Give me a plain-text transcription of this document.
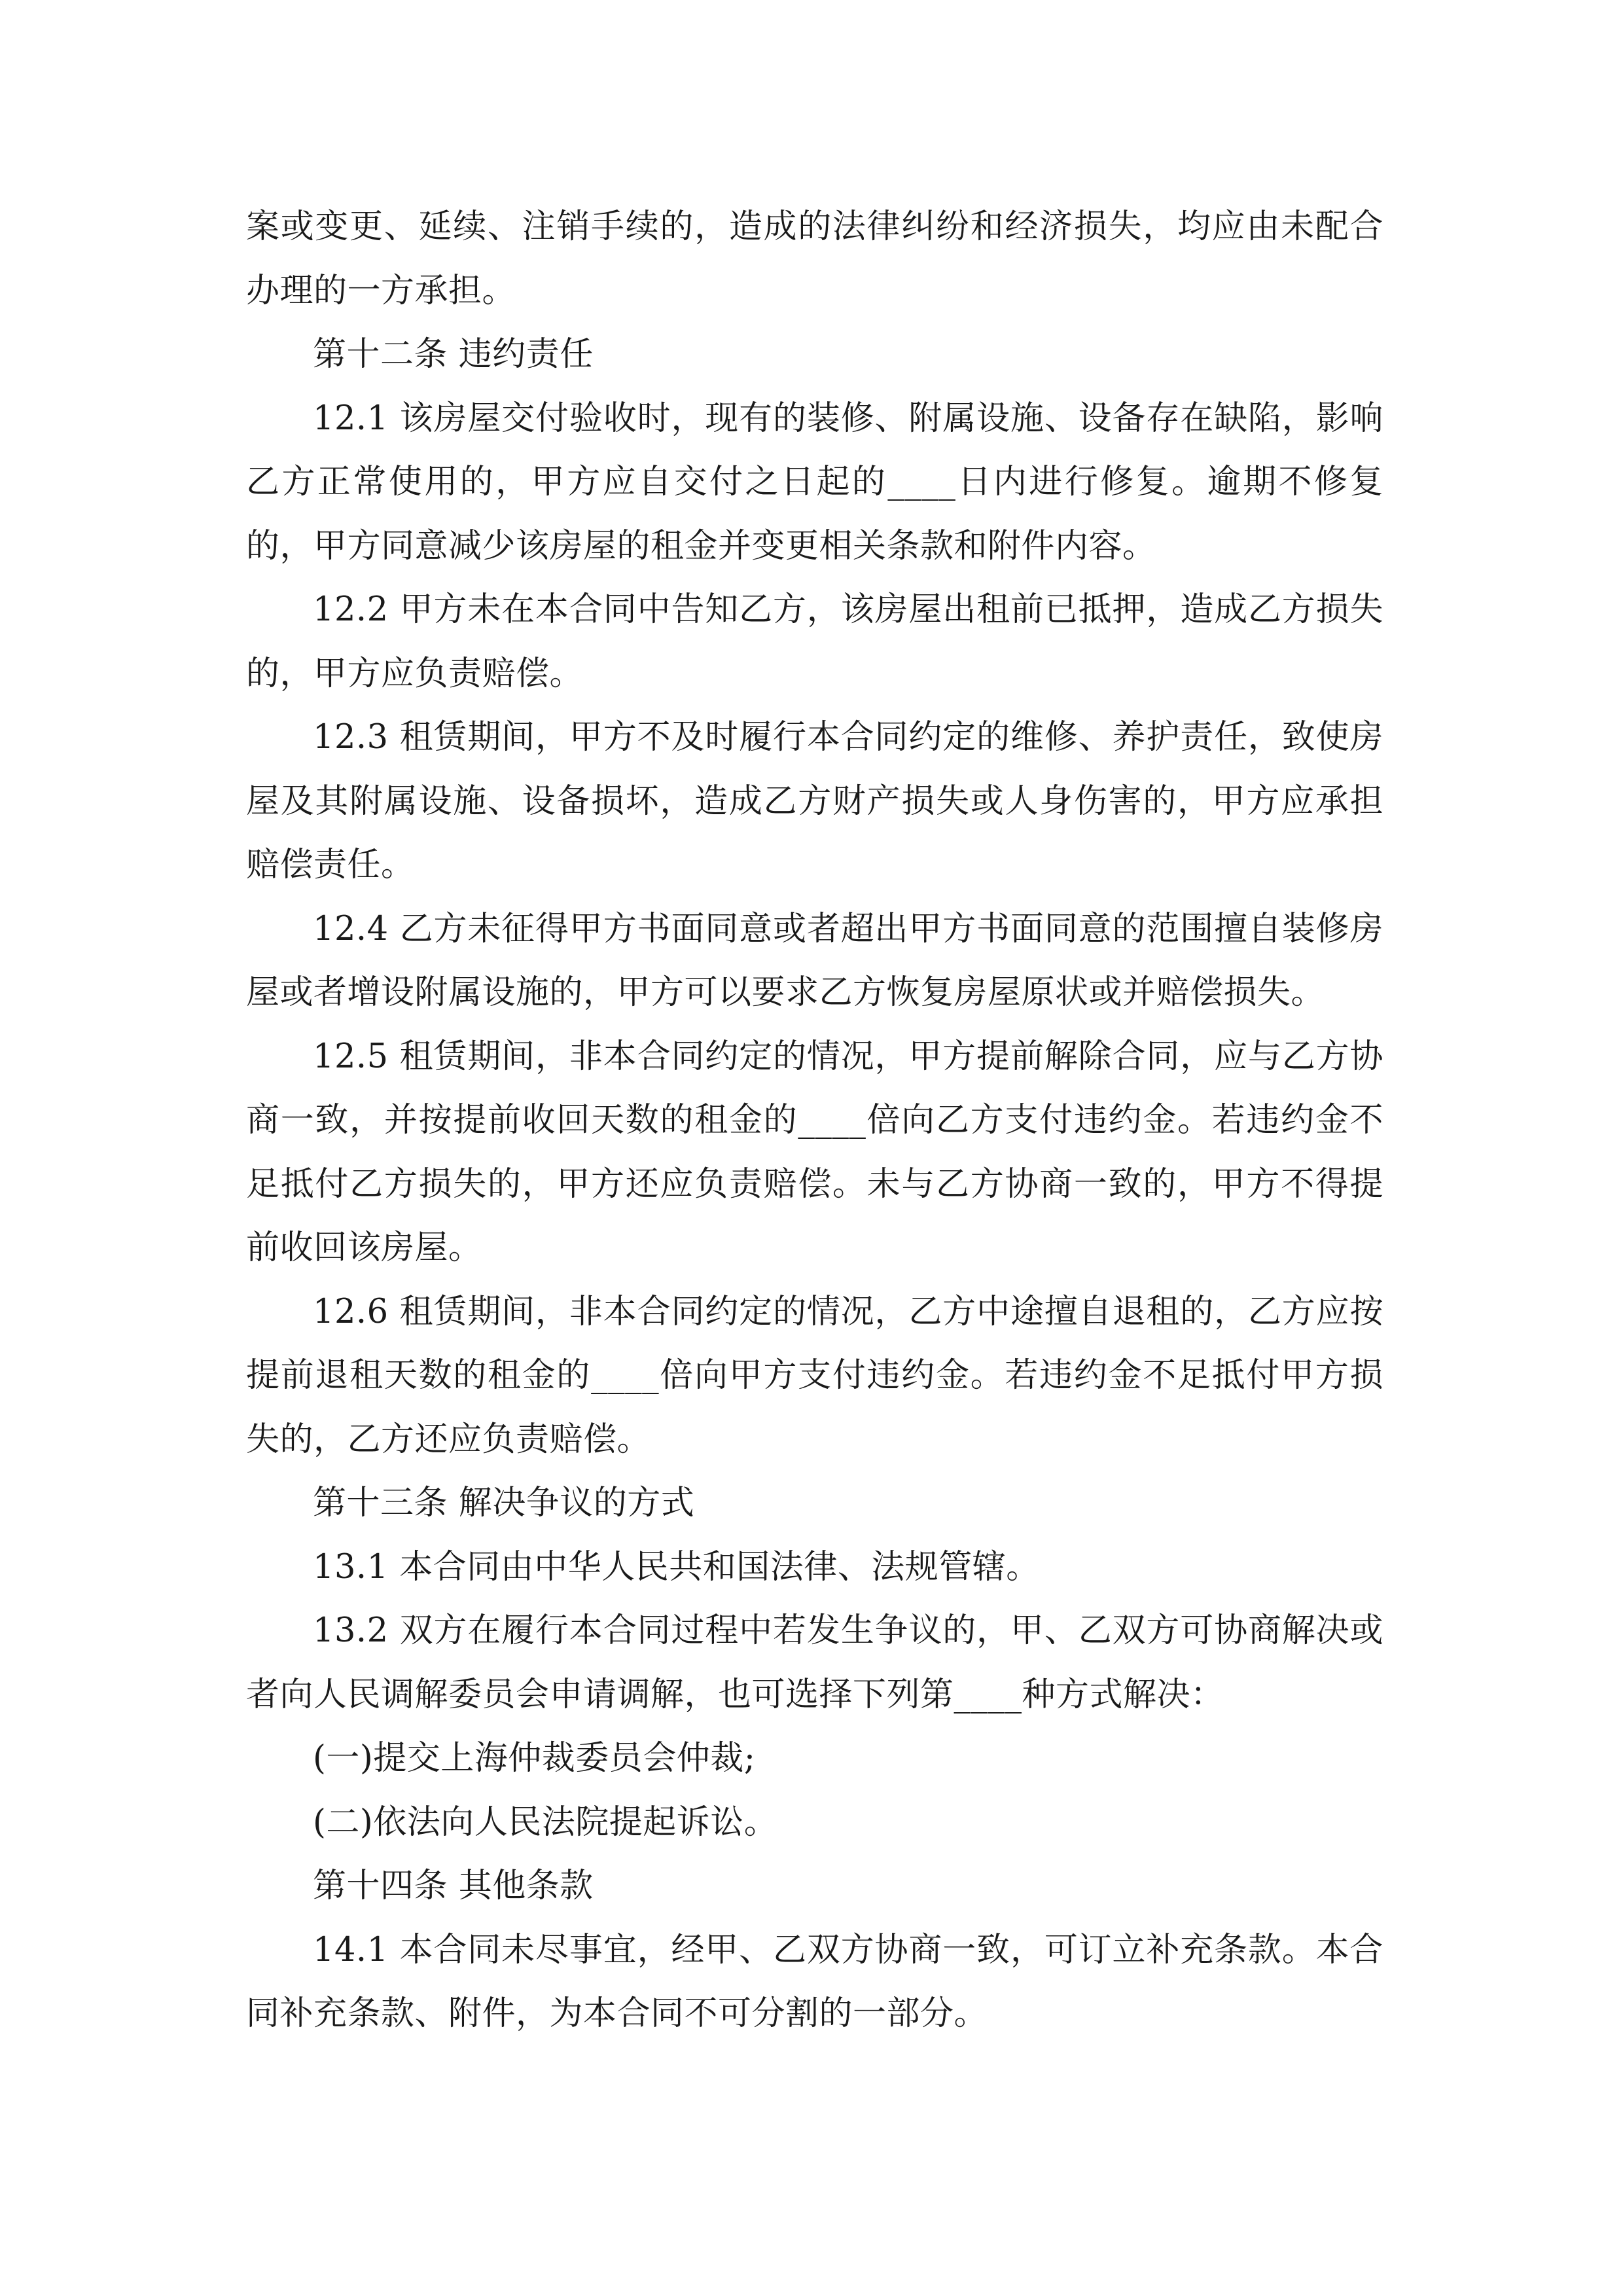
案或变更、延续、注销手续的，造成的法律纠纷和经济损失，均应由未配合办理的一方承担。

第十二条 违约责任

12.1 该房屋交付验收时，现有的装修、附属设施、设备存在缺陷，影响乙方正常使用的，甲方应自交付之日起的____日内进行修复。逾期不修复的，甲方同意减少该房屋的租金并变更相关条款和附件内容。

12.2 甲方未在本合同中告知乙方，该房屋出租前已抵押，造成乙方损失的，甲方应负责赔偿。

12.3 租赁期间，甲方不及时履行本合同约定的维修、养护责任，致使房屋及其附属设施、设备损坏，造成乙方财产损失或人身伤害的，甲方应承担赔偿责任。

12.4 乙方未征得甲方书面同意或者超出甲方书面同意的范围擅自装修房屋或者增设附属设施的，甲方可以要求乙方恢复房屋原状或并赔偿损失。

12.5 租赁期间，非本合同约定的情况，甲方提前解除合同，应与乙方协商一致，并按提前收回天数的租金的____倍向乙方支付违约金。若违约金不足抵付乙方损失的，甲方还应负责赔偿。未与乙方协商一致的，甲方不得提前收回该房屋。

12.6 租赁期间，非本合同约定的情况，乙方中途擅自退租的，乙方应按提前退租天数的租金的____倍向甲方支付违约金。若违约金不足抵付甲方损失的，乙方还应负责赔偿。

第十三条 解决争议的方式

13.1 本合同由中华人民共和国法律、法规管辖。

13.2 双方在履行本合同过程中若发生争议的，甲、乙双方可协商解决或者向人民调解委员会申请调解，也可选择下列第____种方式解决：

(一)提交上海仲裁委员会仲裁;

(二)依法向人民法院提起诉讼。

第十四条 其他条款

14.1 本合同未尽事宜，经甲、乙双方协商一致，可订立补充条款。本合同补充条款、附件，为本合同不可分割的一部分。
